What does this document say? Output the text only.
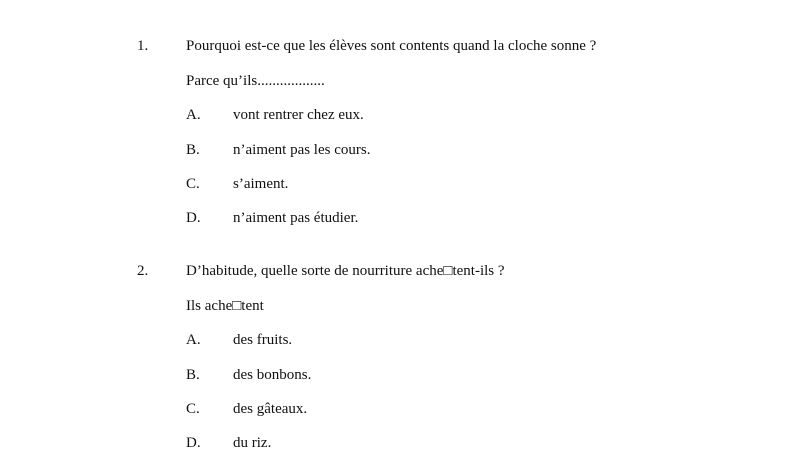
1.	Pourquoi est-ce que les élèves sont contents quand la cloche sonne ?
Parce qu’ils..................
A. vont rentrer chez eux.
B. n’aiment pas les cours.
C. s’aiment.
D. n’aiment pas étudier.
2.	D’habitude, quelle sorte de nourriture ache□tent-ils ?
Ils ache□tent
A. des fruits.
B. des bonbons.
C. des gâteaux.
D. du riz.
